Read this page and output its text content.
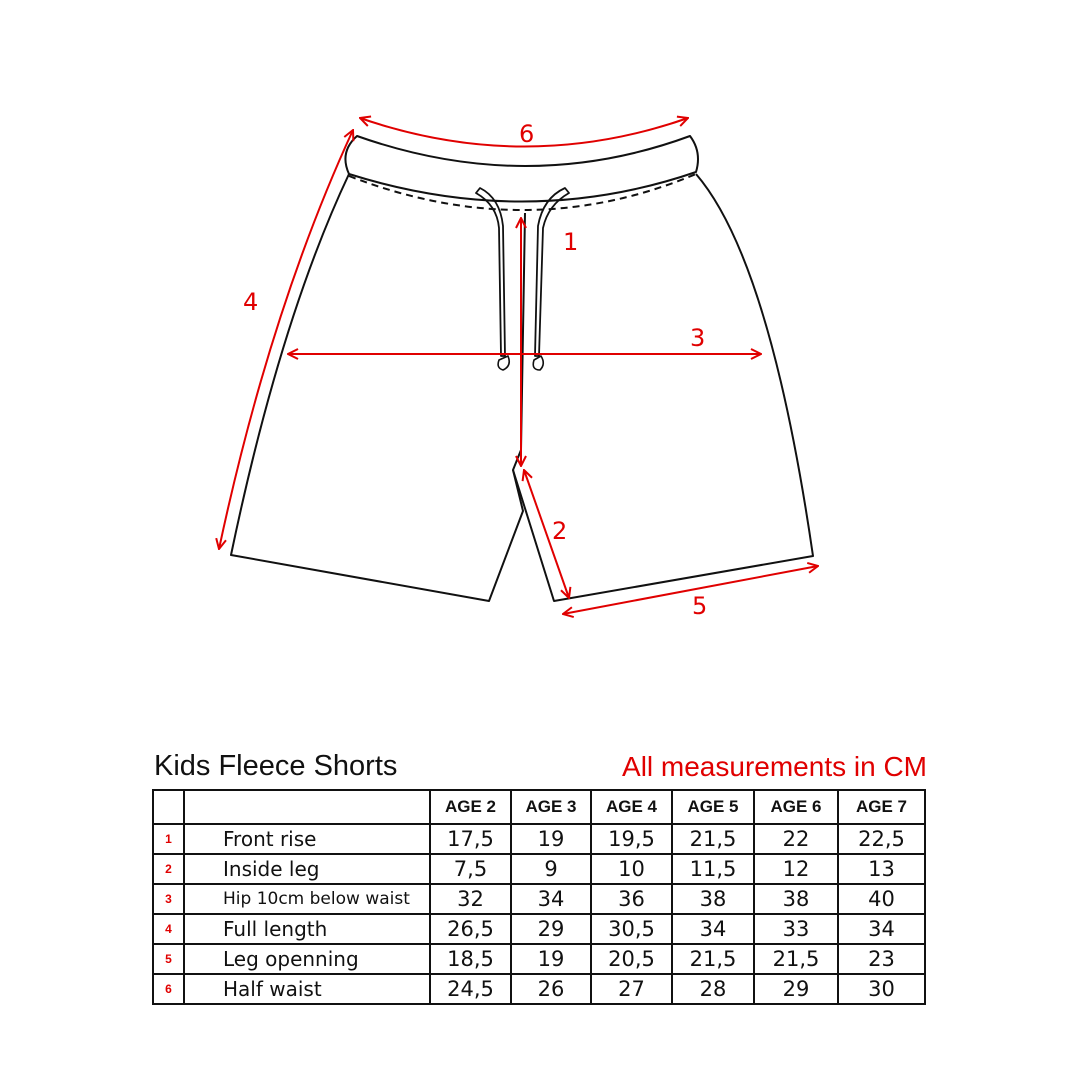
1
2
3
4
5
6
Kids Fleece Shorts	All measurements in CM
		AGE 2	AGE 3	AGE 4	AGE 5	AGE 6	AGE 7
1	Front rise	17,5	19	19,5	21,5	22	22,5
2	Inside leg	7,5	9	10	11,5	12	13
3	Hip 10cm below waist	32	34	36	38	38	40
4	Full length	26,5	29	30,5	34	33	34
5	Leg openning	18,5	19	20,5	21,5	21,5	23
6	Half waist	24,5	26	27	28	29	30
